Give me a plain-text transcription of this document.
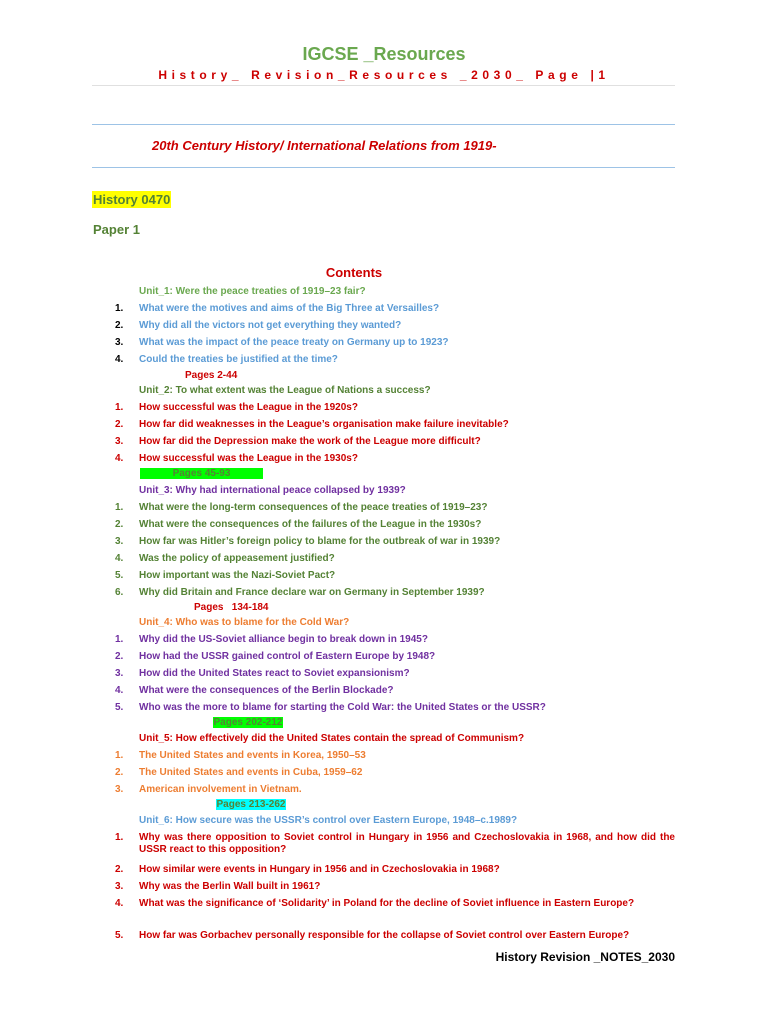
IGCSE _Resources
History_ Revision_Resources _2030_ Page |1
20th Century History/ International Relations from 1919-
History 0470
Paper 1
Contents
Unit_1: Were the peace treaties of 1919–23 fair?
1.	What were the motives and aims of the Big Three at Versailles?
2.	Why did all the victors not get everything they wanted?
3.	What was the impact of the peace treaty on Germany up to 1923?
4.	Could the treaties be justified at the time?
Pages 2-44
Unit_2: To what extent was the League of Nations a success?
1.	How successful was the League in the 1920s?
2.	How far did weaknesses in the League’s organisation make failure inevitable?
3.	How far did the Depression make the work of the League more difficult?
4.	How successful was the League in the 1930s?
Pages 45-93
Unit_3: Why had international peace collapsed by 1939?
1.	What were the long-term consequences of the peace treaties of 1919–23?
2.	What were the consequences of the failures of the League in the 1930s?
3.	How far was Hitler’s foreign policy to blame for the outbreak of war in 1939?
4.	Was the policy of appeasement justified?
5.	How important was the Nazi-Soviet Pact?
6.	Why did Britain and France declare war on Germany in September 1939?
Pages   134-184
Unit_4: Who was to blame for the Cold War?
1.	Why did the US-Soviet alliance begin to break down in 1945?
2.	How had the USSR gained control of Eastern Europe by 1948?
3.	How did the United States react to Soviet expansionism?
4.	What were the consequences of the Berlin Blockade?
5.	Who was the more to blame for starting the Cold War: the United States or the USSR?
Pages 202-212
Unit_5: How effectively did the United States contain the spread of Communism?
1.	The United States and events in Korea, 1950–53
2.	The United States and events in Cuba, 1959–62
3.	American involvement in Vietnam.
Pages 213-262
Unit_6: How secure was the USSR’s control over Eastern Europe, 1948–c.1989?
1.	Why was there opposition to Soviet control in Hungary in 1956 and Czechoslovakia in 1968, and how did the USSR react to this opposition?
2.	How similar were events in Hungary in 1956 and in Czechoslovakia in 1968?
3.	Why was the Berlin Wall built in 1961?
4.	What was the significance of ‘Solidarity’ in Poland for the decline of Soviet influence in Eastern Europe?
5.	How far was Gorbachev personally responsible for the collapse of Soviet control over Eastern Europe?
History Revision _NOTES_2030
